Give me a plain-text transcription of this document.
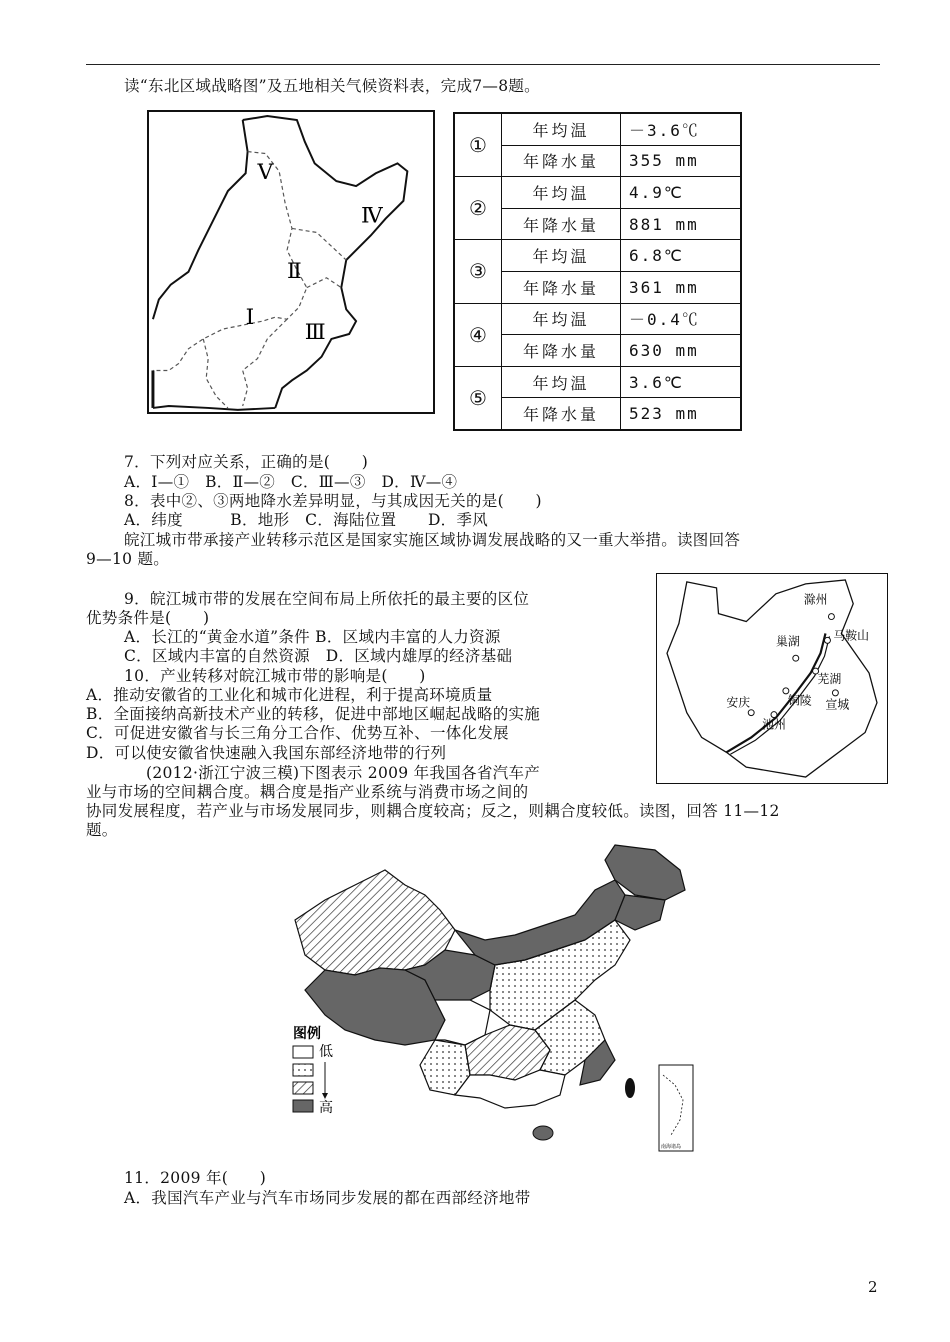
读“东北区域战略图”及五地相关气候资料表，完成7—8题。
Ⅴ
Ⅳ
Ⅱ
Ⅰ
Ⅲ
①	年均温	－3.6℃
	年降水量	355 mm
②	年均温	4.9℃
	年降水量	881 mm
③	年均温	6.8℃
	年降水量	361 mm
④	年均温	－0.4℃
	年降水量	630 mm
⑤	年均温	3.6℃
	年降水量	523 mm
7．下列对应关系，正确的是(　　)
A．Ⅰ—①　B．Ⅱ—②　C．Ⅲ—③　D．Ⅳ—④
8．表中②、③两地降水差异明显，与其成因无关的是(　　)
A．纬度　　　B．地形　C．海陆位置　　D．季风
皖江城市带承接产业转移示范区是国家实施区域协调发展战略的又一重大举措。读图回答
9—10 题。
9．皖江城市带的发展在空间布局上所依托的最主要的区位
优势条件是(　　)
A．长江的“黄金水道”条件 B．区域内丰富的人力资源
C．区域内丰富的自然资源　D．区域内雄厚的经济基础
10．产业转移对皖江城市带的影响是(　　)
A．推动安徽省的工业化和城市化进程，利于提高环境质量
B．全面接纳高新技术产业的转移，促进中部地区崛起战略的实施
C．可促进安徽省与长三角分工合作、优势互补、一体化发展
D．可以使安徽省快速融入我国东部经济地带的行列
滁州
巢湖	马鞍山
芜湖
安庆	铜陵 宣城
池州
(2012·浙江宁波三模)下图表示 2009 年我国各省汽车产
业与市场的空间耦合度。耦合度是指产业系统与消费市场之间的
协同发展程度，若产业与市场发展同步，则耦合度较高；反之，则耦合度较低。读图，回答 11—12
题。
图例
低
高
南海诸岛
11．2009 年(　　)
A．我国汽车产业与汽车市场同步发展的都在西部经济地带
2
